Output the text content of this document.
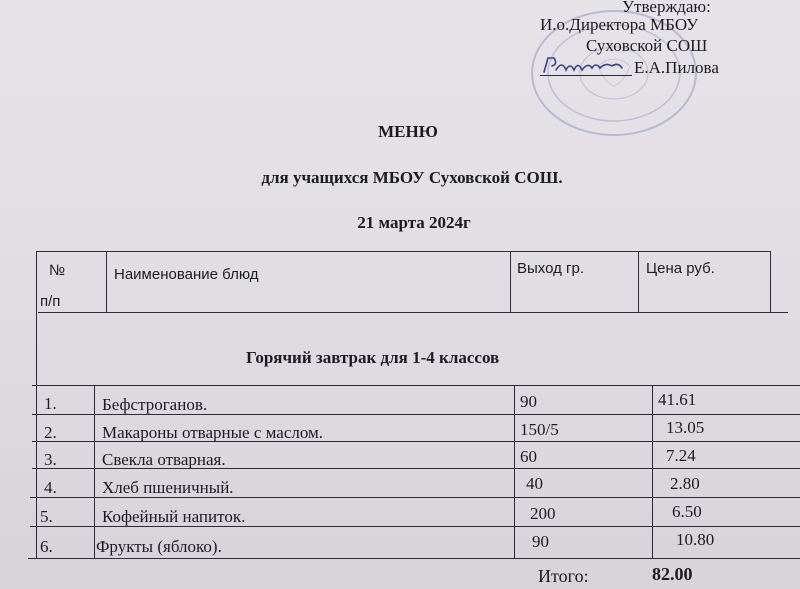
Утверждаю:
И.о.Директора МБОУ
Суховской СОШ
Е.А.Пилова
МЕНЮ
для учащихся МБОУ Суховской СОШ.
21 марта 2024г
№
п/п
Наименование блюд	Выход гр.	Цена руб.
Горячий завтрак для 1-4 классов
1.	Бефстроганов.	90	41.61
2.	Макароны отварные с маслом.	150/5	13.05
3.	Свекла отварная.	60	7.24
4.	Хлеб пшеничный.	40	2.80
5.	Кофейный напиток.	200	6.50
6.	Фрукты (яблоко).	90	10.80
Итого:	82.00
